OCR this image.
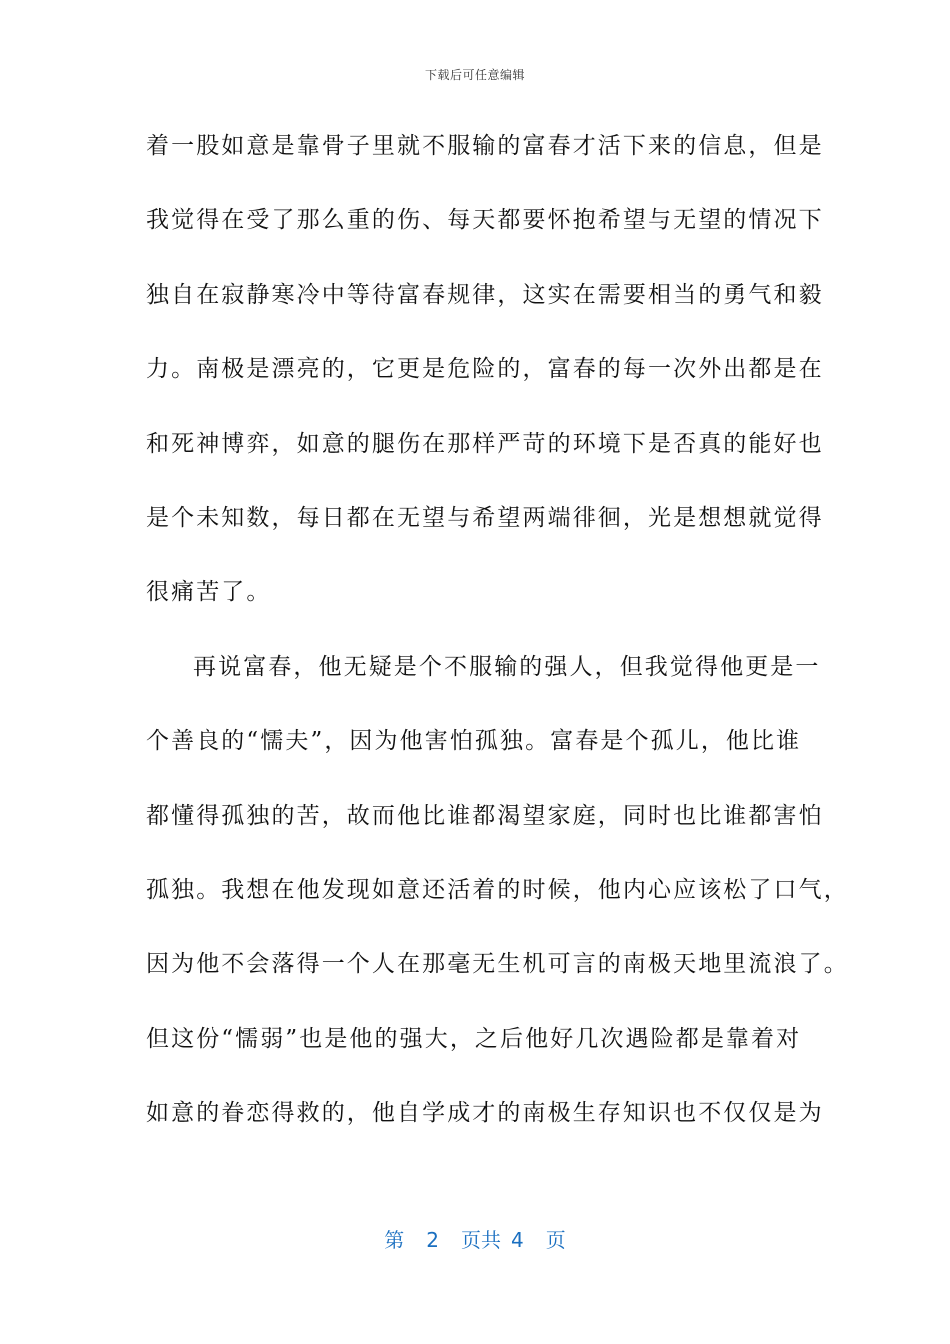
下载后可任意编辑
着一股如意是靠骨子里就不服输的富春才活下来的信息，但是
我觉得在受了那么重的伤、每天都要怀抱希望与无望的情况下
独自在寂静寒冷中等待富春规律，这实在需要相当的勇气和毅
力。南极是漂亮的，它更是危险的，富春的每一次外出都是在
和死神博弈，如意的腿伤在那样严苛的环境下是否真的能好也
是个未知数，每日都在无望与希望两端徘徊，光是想想就觉得
很痛苦了。
再说富春，他无疑是个不服输的强人，但我觉得他更是一
个善良的“懦夫”，因为他害怕孤独。富春是个孤儿，他比谁
都懂得孤独的苦，故而他比谁都渴望家庭，同时也比谁都害怕
孤独。我想在他发现如意还活着的时候，他内心应该松了口气，
因为他不会落得一个人在那毫无生机可言的南极天地里流浪了。
但这份“懦弱”也是他的强大，之后他好几次遇险都是靠着对
如意的眷恋得救的，他自学成才的南极生存知识也不仅仅是为
第 2 页共 4 页
